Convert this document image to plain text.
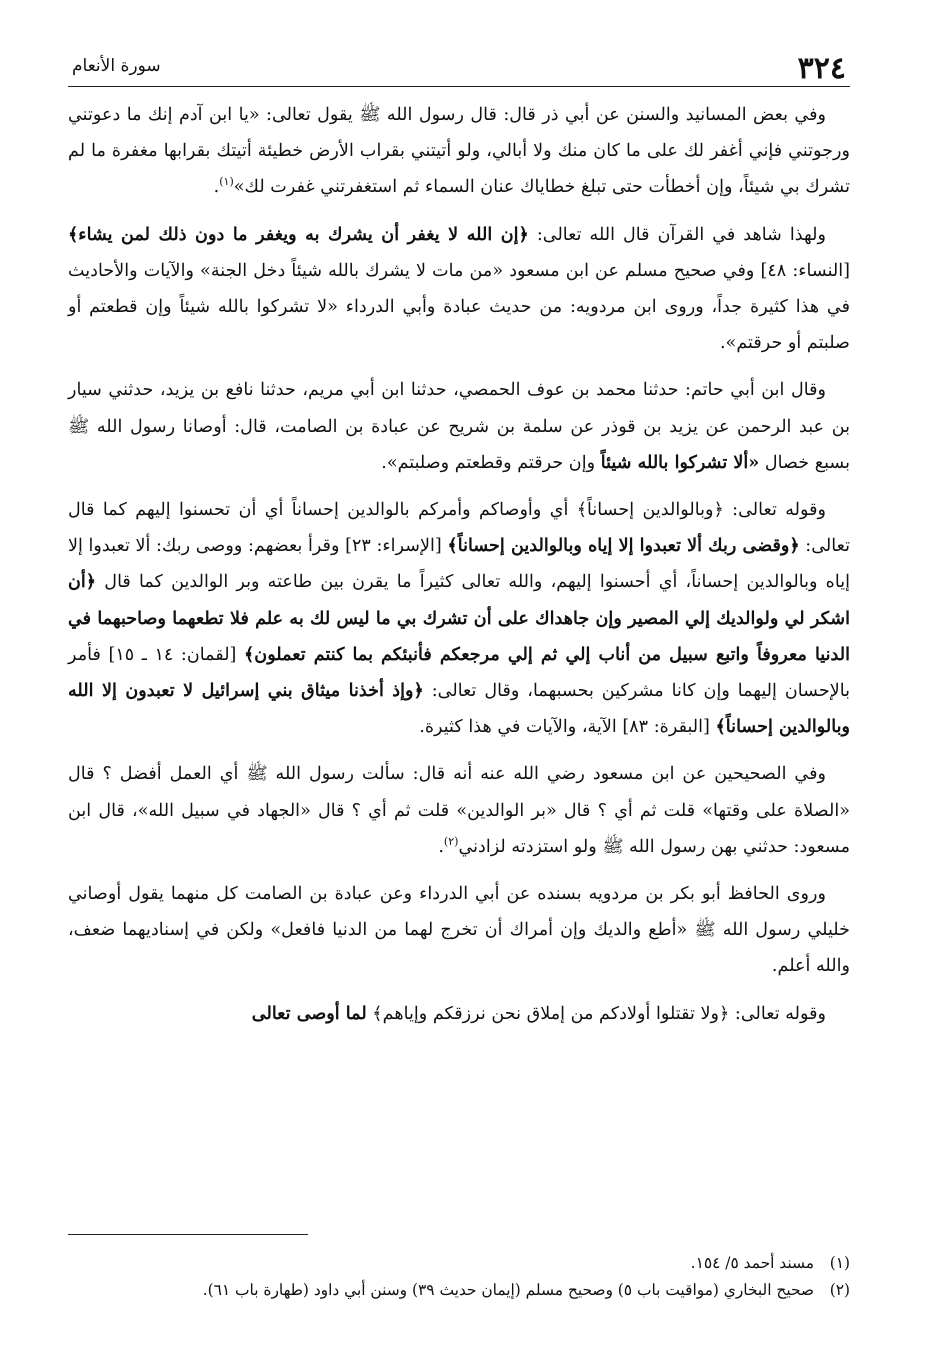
٣٢٤
سورة الأنعام

وفي بعض المسانيد والسنن عن أبي ذر قال: قال رسول الله ﷺ يقول تعالى: «يا ابن آدم إنك ما دعوتني ورجوتني فإني أغفر لك على ما كان منك ولا أبالي، ولو أتيتني بقراب الأرض خطيئة أتيتك بقرابها مغفرة ما لم تشرك بي شيئاً، وإن أخطأت حتى تبلغ خطاياك عنان السماء ثم استغفرتني غفرت لك»$^{(١)}$.

ولهذا شاهد في القرآن قال الله تعالى: ﴿إن الله لا يغفر أن يشرك به ويغفر ما دون ذلك لمن يشاء﴾ [النساء: ٤٨] وفي صحيح مسلم عن ابن مسعود «من مات لا يشرك بالله شيئاً دخل الجنة» والآيات والأحاديث في هذا كثيرة جداً، وروى ابن مردويه: من حديث عبادة وأبي الدرداء «لا تشركوا بالله شيئاً وإن قطعتم أو صلبتم أو حرقتم».

وقال ابن أبي حاتم: حدثنا محمد بن عوف الحمصي، حدثنا ابن أبي مريم، حدثنا نافع بن يزيد، حدثني سيار بن عبد الرحمن عن يزيد بن قوذر عن سلمة بن شريح عن عبادة بن الصامت، قال: أوصانا رسول الله ﷺ بسبع خصال «ألا تشركوا بالله شيئاً وإن حرقتم وقطعتم وصلبتم».

وقوله تعالى: ﴿وبالوالدين إحساناً﴾ أي وأوصاكم وأمركم بالوالدين إحساناً أي أن تحسنوا إليهم كما قال تعالى: ﴿وقضى ربك ألا تعبدوا إلا إياه وبالوالدين إحساناً﴾ [الإسراء: ٢٣] وقرأ بعضهم: ووصى ربك: ألا تعبدوا إلا إياه وبالوالدين إحساناً، أي أحسنوا إليهم، والله تعالى كثيراً ما يقرن بين طاعته وبر الوالدين كما قال ﴿أن اشكر لي ولوالديك إلي المصير وإن جاهداك على أن تشرك بي ما ليس لك به علم فلا تطعهما وصاحبهما في الدنيا معروفاً واتبع سبيل من أناب إلي ثم إلي مرجعكم فأنبئكم بما كنتم تعملون﴾ [لقمان: ١٤ ـ ١٥] فأمر بالإحسان إليهما وإن كانا مشركين بحسبهما، وقال تعالى: ﴿وإذ أخذنا ميثاق بني إسرائيل لا تعبدون إلا الله وبالوالدين إحساناً﴾ [البقرة: ٨٣] الآية، والآيات في هذا كثيرة.

وفي الصحيحين عن ابن مسعود رضي الله عنه أنه قال: سألت رسول الله ﷺ أي العمل أفضل ؟ قال «الصلاة على وقتها» قلت ثم أي ؟ قال «بر الوالدين» قلت ثم أي ؟ قال «الجهاد في سبيل الله»، قال ابن مسعود: حدثني بهن رسول الله ﷺ ولو استزدته لزادني$^{(٢)}$.

وروى الحافظ أبو بكر بن مردويه بسنده عن أبي الدرداء وعن عبادة بن الصامت كل منهما يقول أوصاني خليلي رسول الله ﷺ «أطع والديك وإن أمراك أن تخرج لهما من الدنيا فافعل» ولكن في إسناديهما ضعف، والله أعلم.

وقوله تعالى: ﴿ولا تقتلوا أولادكم من إملاق نحن نرزقكم وإياهم﴾ لما أوصى تعالى

(١)مسند أحمد ٥/ ١٥٤.

(٢)صحيح البخاري (مواقيت باب ٥) وصحيح مسلم (إيمان حديث ٣٩) وسنن أبي داود (طهارة باب ٦١).
